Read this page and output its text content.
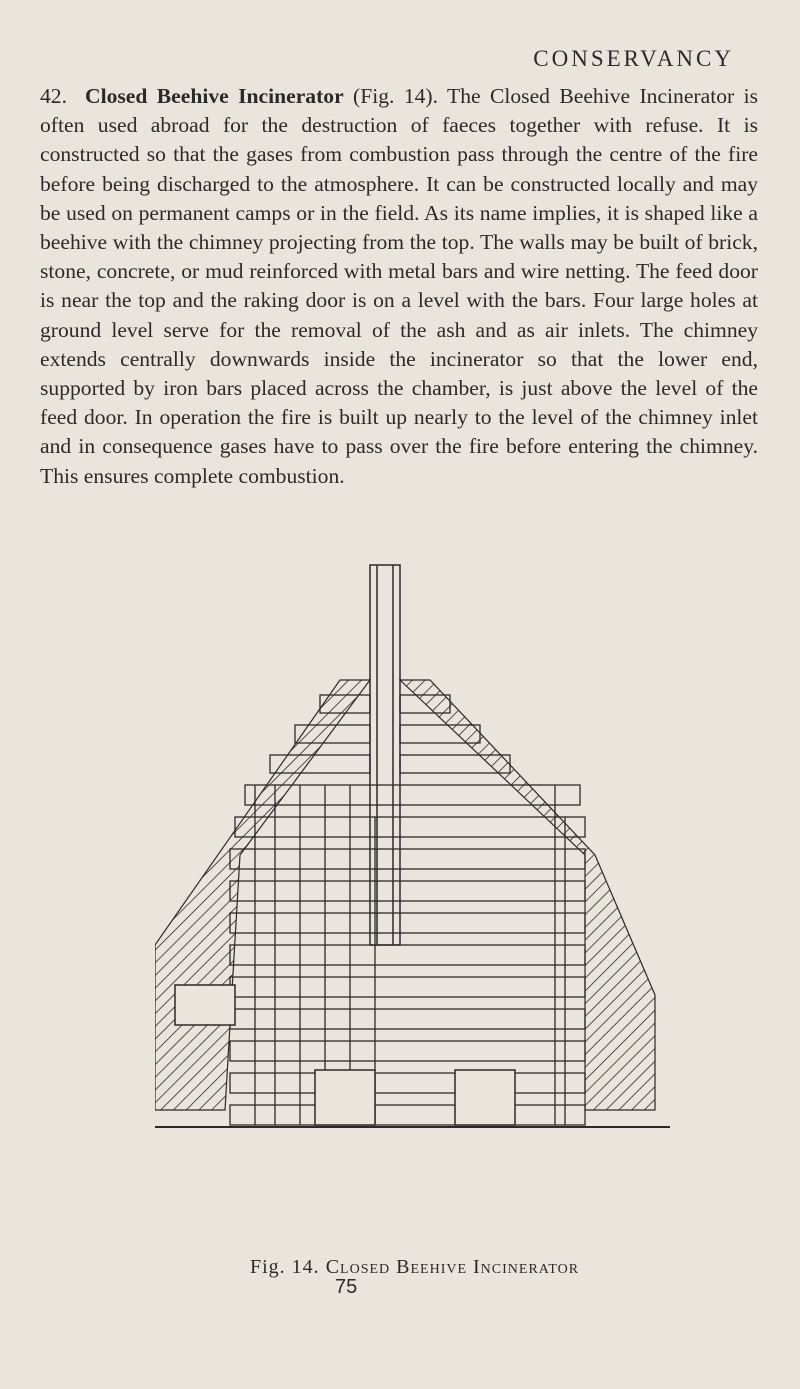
CONSERVANCY
42. Closed Beehive Incinerator (Fig. 14). The Closed Beehive Incinerator is often used abroad for the destruction of faeces together with refuse. It is constructed so that the gases from combustion pass through the centre of the fire before being discharged to the atmosphere. It can be constructed locally and may be used on permanent camps or in the field. As its name implies, it is shaped like a beehive with the chimney projecting from the top. The walls may be built of brick, stone, concrete, or mud reinforced with metal bars and wire netting. The feed door is near the top and the raking door is on a level with the bars. Four large holes at ground level serve for the removal of the ash and as air inlets. The chimney extends centrally downwards inside the incinerator so that the lower end, supported by iron bars placed across the chamber, is just above the level of the feed door. In operation the fire is built up nearly to the level of the chimney inlet and in consequence gases have to pass over the fire before entering the chimney. This ensures complete combustion.
Fig. 14. Closed Beehive Incinerator
75
